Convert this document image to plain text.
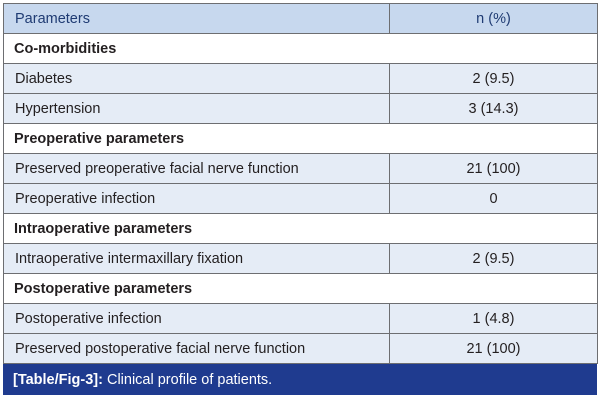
Parameters	n (%)
Co-morbidities	
Diabetes	2 (9.5)
Hypertension	3 (14.3)
Preoperative parameters	
Preserved preoperative facial nerve function	21 (100)
Preoperative infection	0
Intraoperative parameters	
Intraoperative intermaxillary fixation	2 (9.5)
Postoperative parameters	
Postoperative infection	1 (4.8)
Preserved postoperative facial nerve function	21 (100)
[Table/Fig-3]: Clinical profile of patients.
